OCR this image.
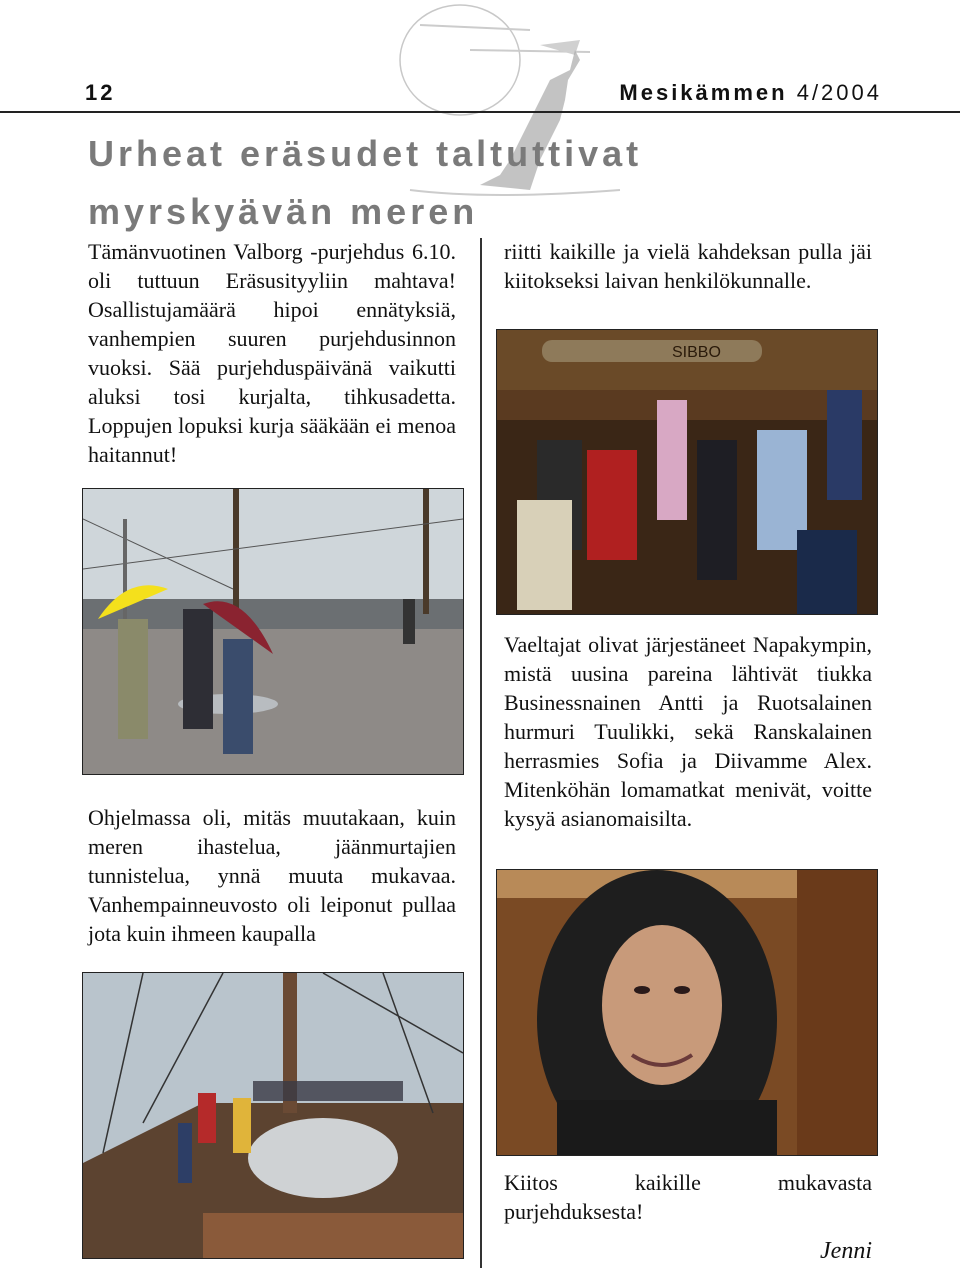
12	Mesikämmen 4/2004
Urheat eräsudet taltuttivat
myrskyävän meren

Tämänvuotinen Valborg -purjehdus 6.10. oli tuttuun Eräsusityyliin mahtava! Osallistujamäärä hipoi ennätyksiä, vanhempien suuren purjehdusinnon vuoksi. Sää purjehduspäivänä vaikutti aluksi tosi kurjalta, tihkusadetta. Loppujen lopuksi kurja sääkään ei menoa haitannut!

Ohjelmassa oli, mitäs muutakaan, kuin meren ihastelua, jäänmurtajien tunnistelua, ynnä muuta mukavaa. Vanhempainneuvosto oli leiponut pullaa jota kuin ihmeen kaupalla

riitti kaikille ja vielä kahdeksan pulla jäi kiitokseksi laivan henkilökunnalle.

SIBBO

Vaeltajat olivat järjestäneet Napakympin, mistä uusina pareina lähtivät tiukka Businessnainen Antti ja Ruotsalainen hurmuri Tuulikki, sekä Ranskalainen herrasmies Sofia ja Diivamme Alex. Mitenköhän lomamatkat menivät, voitte kysyä asianomaisilta.

Kiitos kaikille mukavasta purjehduksesta!

Jenni
